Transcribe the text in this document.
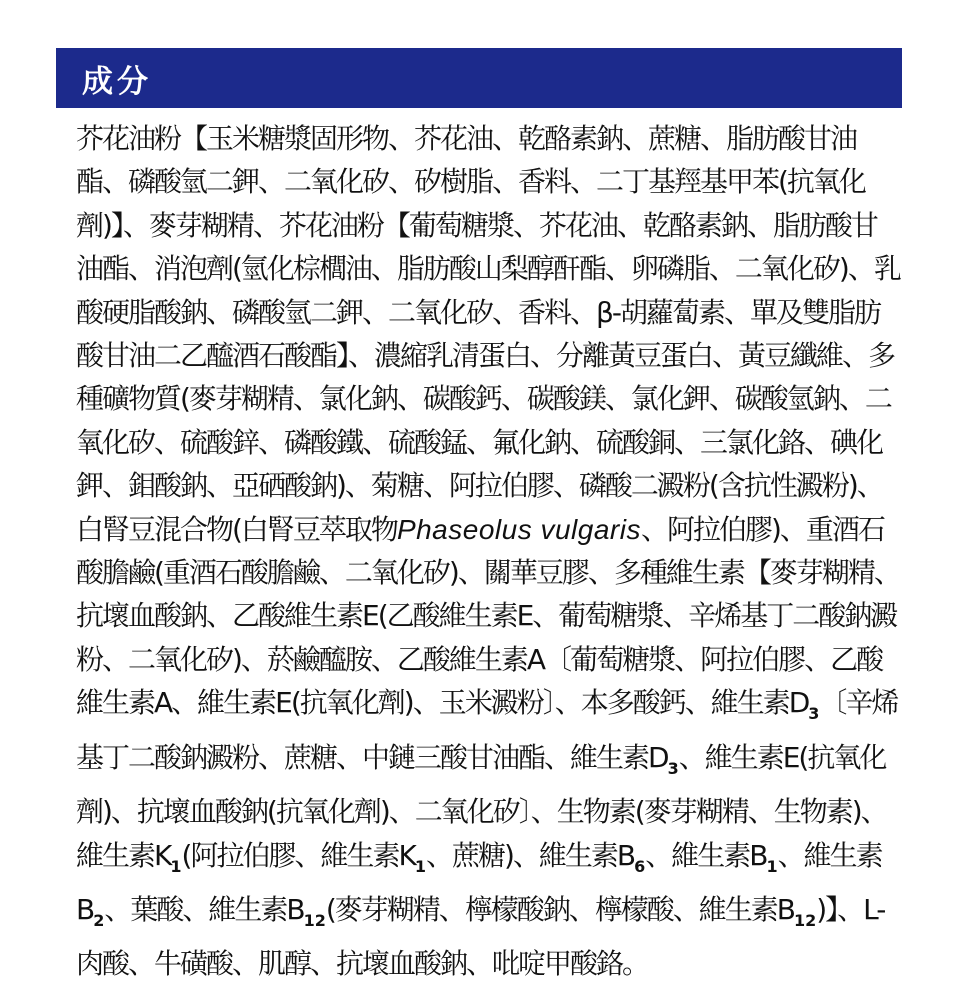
成分

芥花油粉【玉米糖漿固形物、芥花油、乾酪素鈉、蔗糖、脂肪酸甘油酯、磷酸氫二鉀、二氧化矽、矽樹脂、香料、二丁基羥基甲苯(抗氧化劑)】、麥芽糊精、芥花油粉【葡萄糖漿、芥花油、乾酪素鈉、脂肪酸甘油酯、消泡劑(氫化棕櫚油、脂肪酸山梨醇酐酯、卵磷脂、二氧化矽)、乳酸硬脂酸鈉、磷酸氫二鉀、二氧化矽、香料、β-胡蘿蔔素、單及雙脂肪酸甘油二乙醯酒石酸酯】、濃縮乳清蛋白、分離黃豆蛋白、黃豆纖維、多種礦物質(麥芽糊精、氯化鈉、碳酸鈣、碳酸鎂、氯化鉀、碳酸氫鈉、二氧化矽、硫酸鋅、磷酸鐵、硫酸錳、氟化鈉、硫酸銅、三氯化鉻、碘化鉀、鉬酸鈉、亞硒酸鈉)、菊糖、阿拉伯膠、磷酸二澱粉(含抗性澱粉)、白腎豆混合物(白腎豆萃取物Phaseolus vulgaris、阿拉伯膠)、重酒石酸膽鹼(重酒石酸膽鹼、二氧化矽)、關華豆膠、多種維生素【麥芽糊精、抗壞血酸鈉、乙酸維生素E(乙酸維生素E、葡萄糖漿、辛烯基丁二酸鈉澱粉、二氧化矽)、菸鹼醯胺、乙酸維生素A〔葡萄糖漿、阿拉伯膠、乙酸維生素A、維生素E(抗氧化劑)、玉米澱粉〕、本多酸鈣、維生素$D_3$〔辛烯基丁二酸鈉澱粉、蔗糖、中鏈三酸甘油酯、維生素$D_3$、維生素E(抗氧化劑)、抗壞血酸鈉(抗氧化劑)、二氧化矽〕、生物素(麥芽糊精、生物素)、維生素$K_1$(阿拉伯膠、維生素$K_1$、蔗糖)、維生素$B_6$、維生素$B_1$、維生素$B_2$、葉酸、維生素$B_{12}$(麥芽糊精、檸檬酸鈉、檸檬酸、維生素$B_{12}$)】、L-肉酸、牛磺酸、肌醇、抗壞血酸鈉、吡啶甲酸鉻。
